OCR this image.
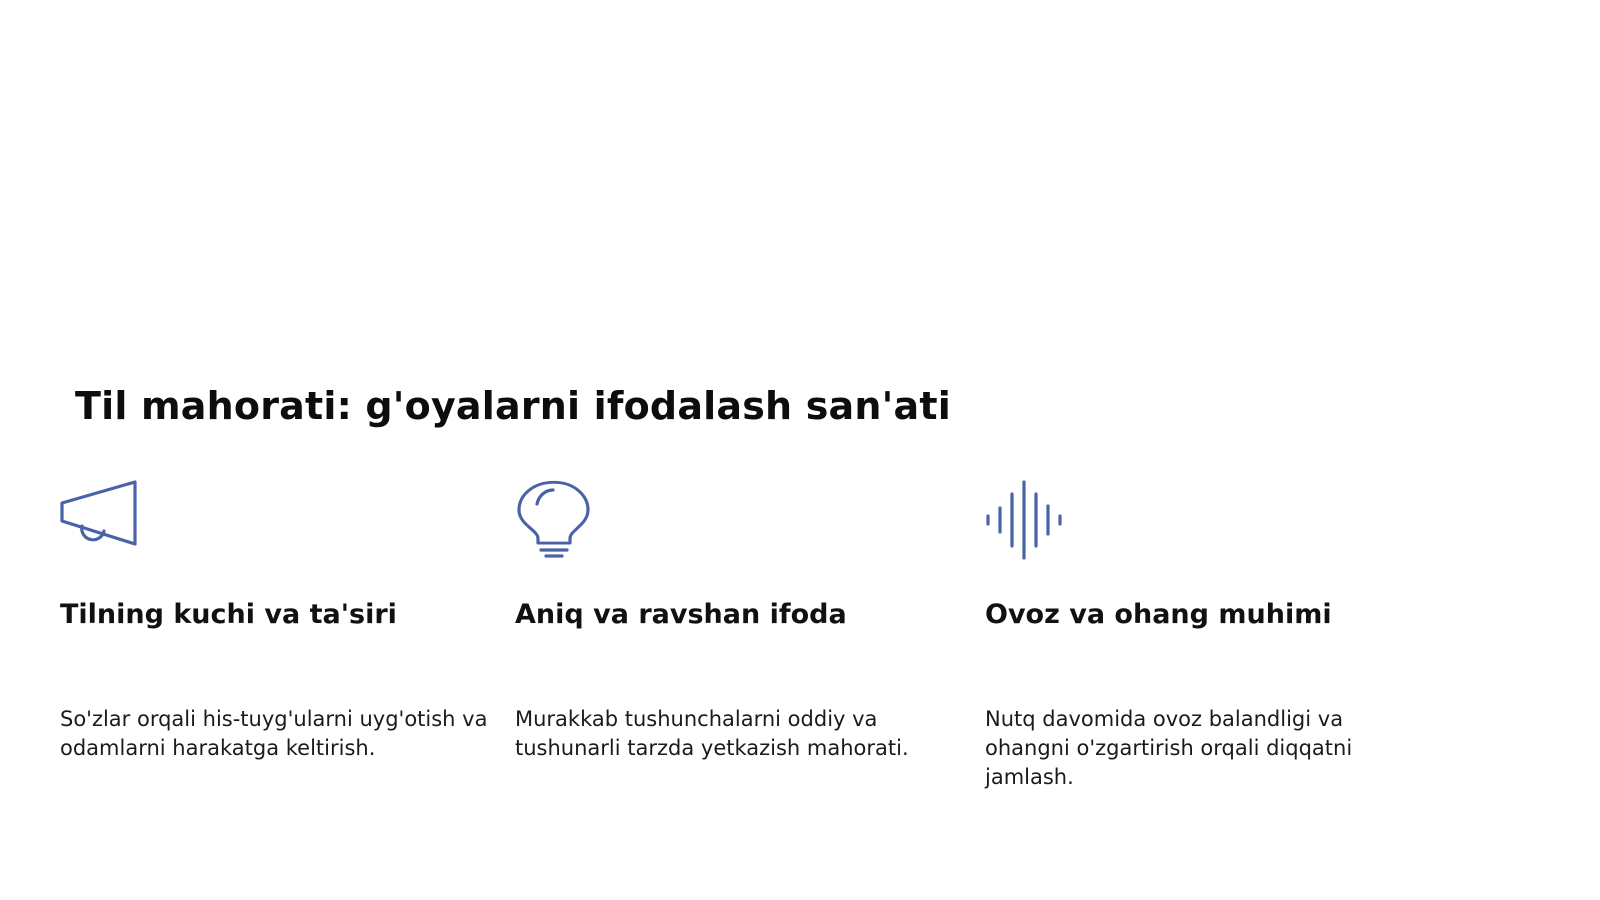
Til mahorati: g'oyalarni ifodalash san'ati
Tilning kuchi va ta'siri

So'zlar orqali his-tuyg'ularni uyg'otish va odamlarni harakatga keltirish.

Aniq va ravshan ifoda

Murakkab tushunchalarni oddiy va tushunarli tarzda yetkazish mahorati.

Ovoz va ohang muhimi

Nutq davomida ovoz balandligi va ohangni o'zgartirish orqali diqqatni jamlash.
